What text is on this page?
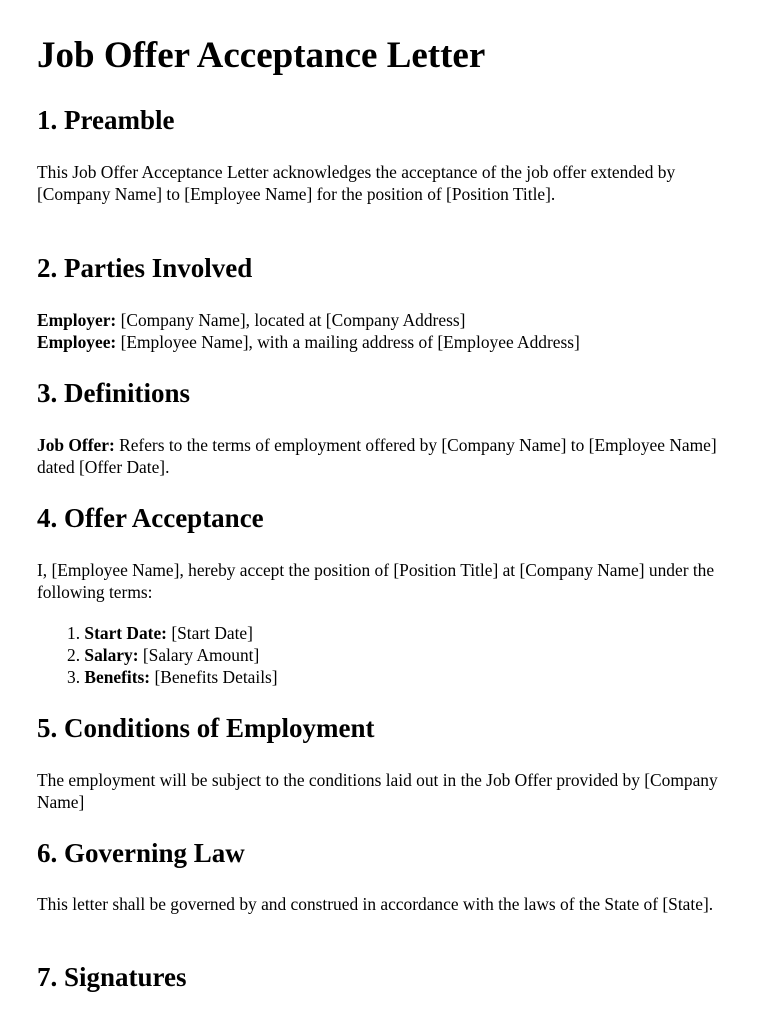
Job Offer Acceptance Letter
1. Preamble

This Job Offer Acceptance Letter acknowledges the acceptance of the job offer extended by [Company Name] to [Employee Name] for the position of [Position Title].

2. Parties Involved

Employer: [Company Name], located at [Company Address]

Employee: [Employee Name], with a mailing address of [Employee Address]

3. Definitions

Job Offer: Refers to the terms of employment offered by [Company Name] to [Employee Name] dated [Offer Date].

4. Offer Acceptance

I, [Employee Name], hereby accept the position of [Position Title] at [Company Name] under the following terms:

1. Start Date: [Start Date]

2. Salary: [Salary Amount]

3. Benefits: [Benefits Details]

5. Conditions of Employment

The employment will be subject to the conditions laid out in the Job Offer provided by [Company Name]

6. Governing Law

This letter shall be governed by and construed in accordance with the laws of the State of [State].

7. Signatures
